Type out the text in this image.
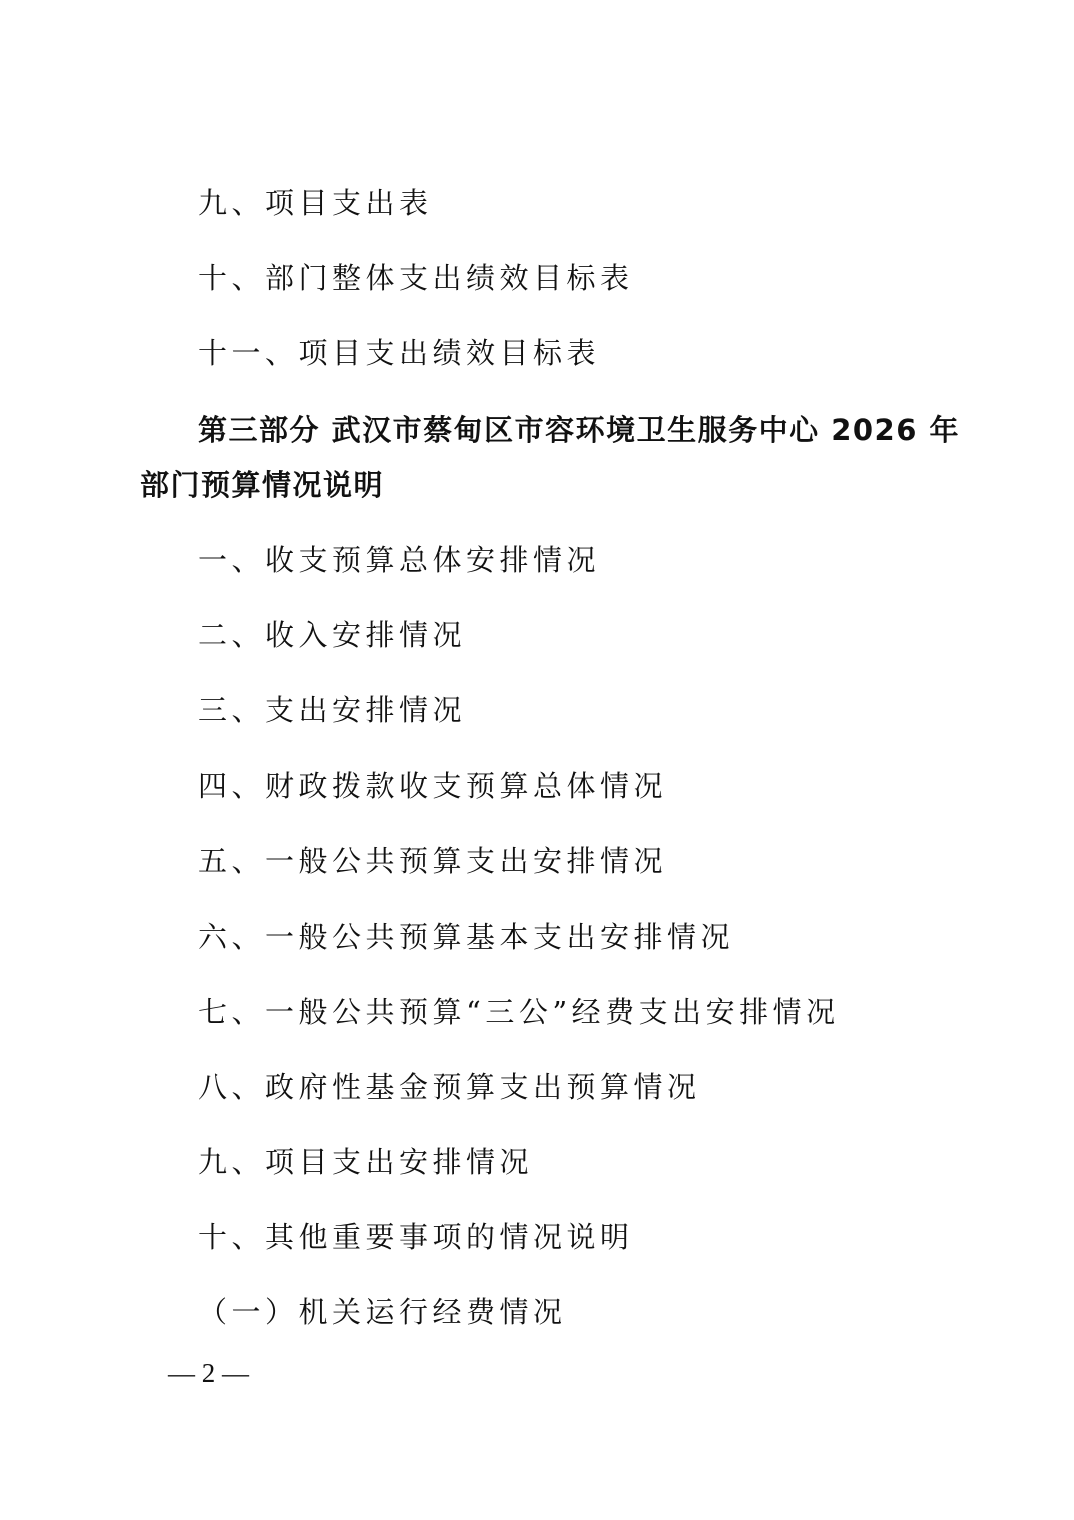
九、项目支出表
十、部门整体支出绩效目标表
十一、项目支出绩效目标表
第三部分 武汉市蔡甸区市容环境卫生服务中心 2026 年
部门预算情况说明
一、收支预算总体安排情况
二、收入安排情况
三、支出安排情况
四、财政拨款收支预算总体情况
五、一般公共预算支出安排情况
六、一般公共预算基本支出安排情况
七、一般公共预算“三公”经费支出安排情况
八、政府性基金预算支出预算情况
九、项目支出安排情况
十、其他重要事项的情况说明
（一）机关运行经费情况
— 2 —
